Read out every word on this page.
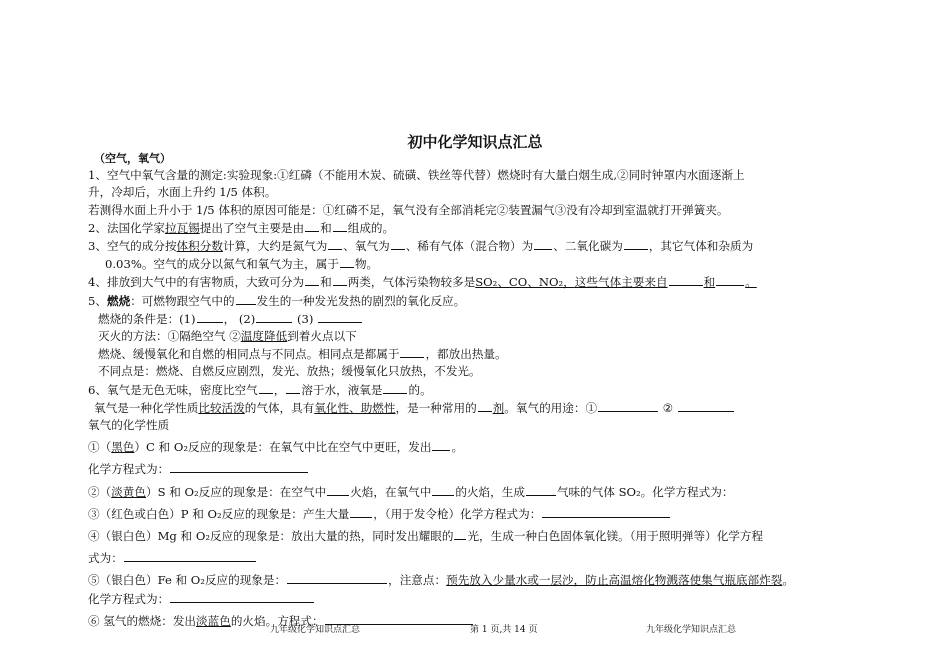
初中化学知识点汇总

（空气，氧气）

1、空气中氧气含量的测定:实验现象:①红磷（不能用木炭、硫磺、铁丝等代替）燃烧时有大量白烟生成,②同时钟罩内水面逐渐上

升，冷却后，水面上升约 1/5 体积。

若测得水面上升小于 1/5 体积的原因可能是：①红磷不足，氧气没有全部消耗完②装置漏气③没有冷却到室温就打开弹簧夹。

2、法国化学家拉瓦锡提出了空气主要是由 和 组成的。

3、空气的成分按体积分数计算，大约是氮气为 、氧气为 、稀有气体（混合物）为 、二氧化碳为 ，其它气体和杂质为

0.03%。空气的成分以氮气和氧气为主，属于 物。

4、排放到大气中的有害物质，大致可分为 和 两类，气体污染物较多是SO₂、CO、NO₂，这些气体主要来自	和	。

5、燃烧：可燃物跟空气中的 发生的一种发光发热的剧烈的氧化反应。

燃烧的条件是：(1) ， (2)	(3)

灭火的方法：①隔绝空气 ②温度降低到着火点以下

燃烧、缓慢氧化和自燃的相同点与不同点。相同点是都属于 ，都放出热量。

不同点是：燃烧、自燃反应剧烈，发光、放热；缓慢氧化只放热，不发光。

6、氧气是无色无味，密度比空气 ， 溶于水，液氧是 的。

氧气是一种化学性质比较活泼的气体，具有氧化性、助燃性，是一种常用的 剂。氧气的用途：①	②

氧气的化学性质

①（黑色）C 和 O₂反应的现象是：在氧气中比在空气中更旺，发出 。

化学方程式为：

②（淡黄色）S 和 O₂反应的现象是：在空气中 火焰，在氧气中 的火焰，生成	气味的气体 SO₂。化学方程式为：

③（红色或白色）P 和 O₂反应的现象是：产生大量 ，（用于发令枪）化学方程式为：

④（银白色）Mg 和 O₂反应的现象是：放出大量的热，同时发出耀眼的 光，生成一种白色固体氧化镁。（用于照明弹等）化学方程

式为：

⑤（银白色）Fe 和 O₂反应的现象是：	，注意点：预先放入少量水或一层沙，防止高温熔化物溅落使集气瓶底部炸裂。

化学方程式为：

⑥ 氢气的燃烧：发出淡蓝色的火焰。方程式：

九年级化学知识点汇总	第 1 页,共 14 页	九年级化学知识点汇总
